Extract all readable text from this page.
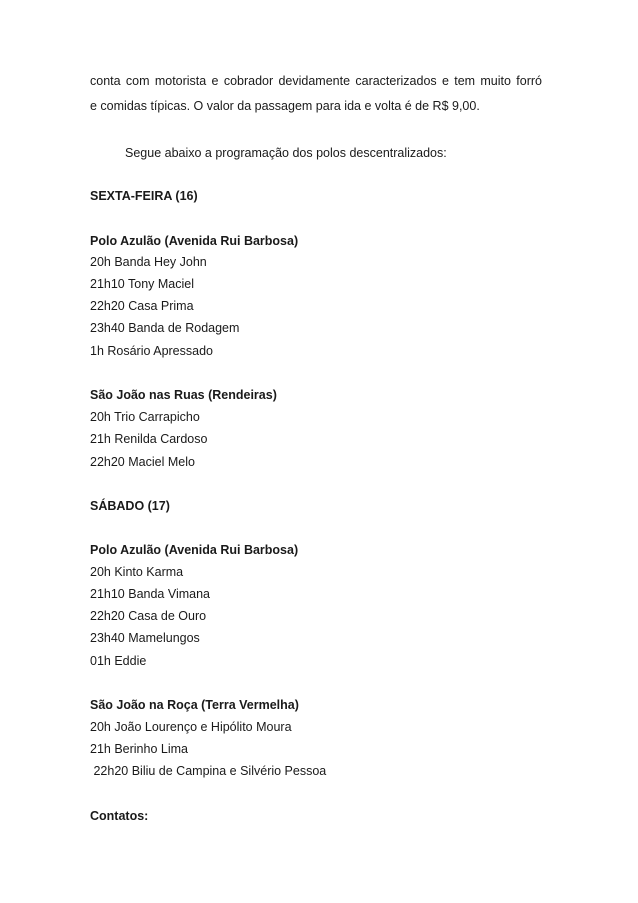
conta com motorista e cobrador devidamente caracterizados e tem muito forró
e comidas típicas. O valor da passagem para ida e volta é de R$ 9,00.
Segue abaixo a programação dos polos descentralizados:
SEXTA-FEIRA (16)
Polo Azulão (Avenida Rui Barbosa)
20h Banda Hey John
21h10 Tony Maciel
22h20 Casa Prima
23h40 Banda de Rodagem
1h Rosário Apressado
São João nas Ruas (Rendeiras)
20h Trio Carrapicho
21h Renilda Cardoso
22h20 Maciel Melo
SÁBADO (17)
Polo Azulão (Avenida Rui Barbosa)
20h Kinto Karma
21h10 Banda Vimana
22h20 Casa de Ouro
23h40 Mamelungos
01h Eddie
São João na Roça (Terra Vermelha)
20h João Lourenço e Hipólito Moura
21h Berinho Lima
22h20 Biliu de Campina e Silvério Pessoa
Contatos:
